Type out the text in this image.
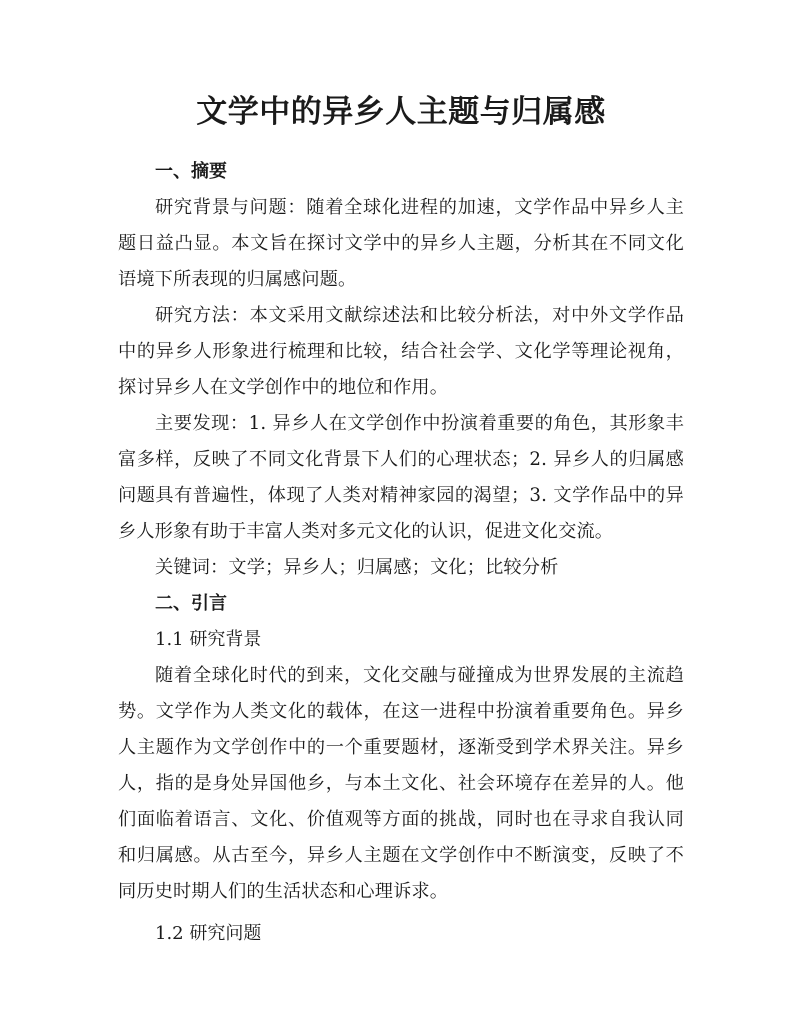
文学中的异乡人主题与归属感
一、摘要
研究背景与问题：随着全球化进程的加速，文学作品中异乡人主题日益凸显。本文旨在探讨文学中的异乡人主题，分析其在不同文化语境下所表现的归属感问题。
研究方法：本文采用文献综述法和比较分析法，对中外文学作品中的异乡人形象进行梳理和比较，结合社会学、文化学等理论视角，探讨异乡人在文学创作中的地位和作用。
主要发现：1. 异乡人在文学创作中扮演着重要的角色，其形象丰富多样，反映了不同文化背景下人们的心理状态；2. 异乡人的归属感问题具有普遍性，体现了人类对精神家园的渴望；3. 文学作品中的异乡人形象有助于丰富人类对多元文化的认识，促进文化交流。
关键词：文学；异乡人；归属感；文化；比较分析
二、引言
1.1 研究背景
随着全球化时代的到来，文化交融与碰撞成为世界发展的主流趋势。文学作为人类文化的载体，在这一进程中扮演着重要角色。异乡人主题作为文学创作中的一个重要题材，逐渐受到学术界关注。异乡人，指的是身处异国他乡，与本土文化、社会环境存在差异的人。他们面临着语言、文化、价值观等方面的挑战，同时也在寻求自我认同和归属感。从古至今，异乡人主题在文学创作中不断演变，反映了不同历史时期人们的生活状态和心理诉求。
1.2 研究问题
